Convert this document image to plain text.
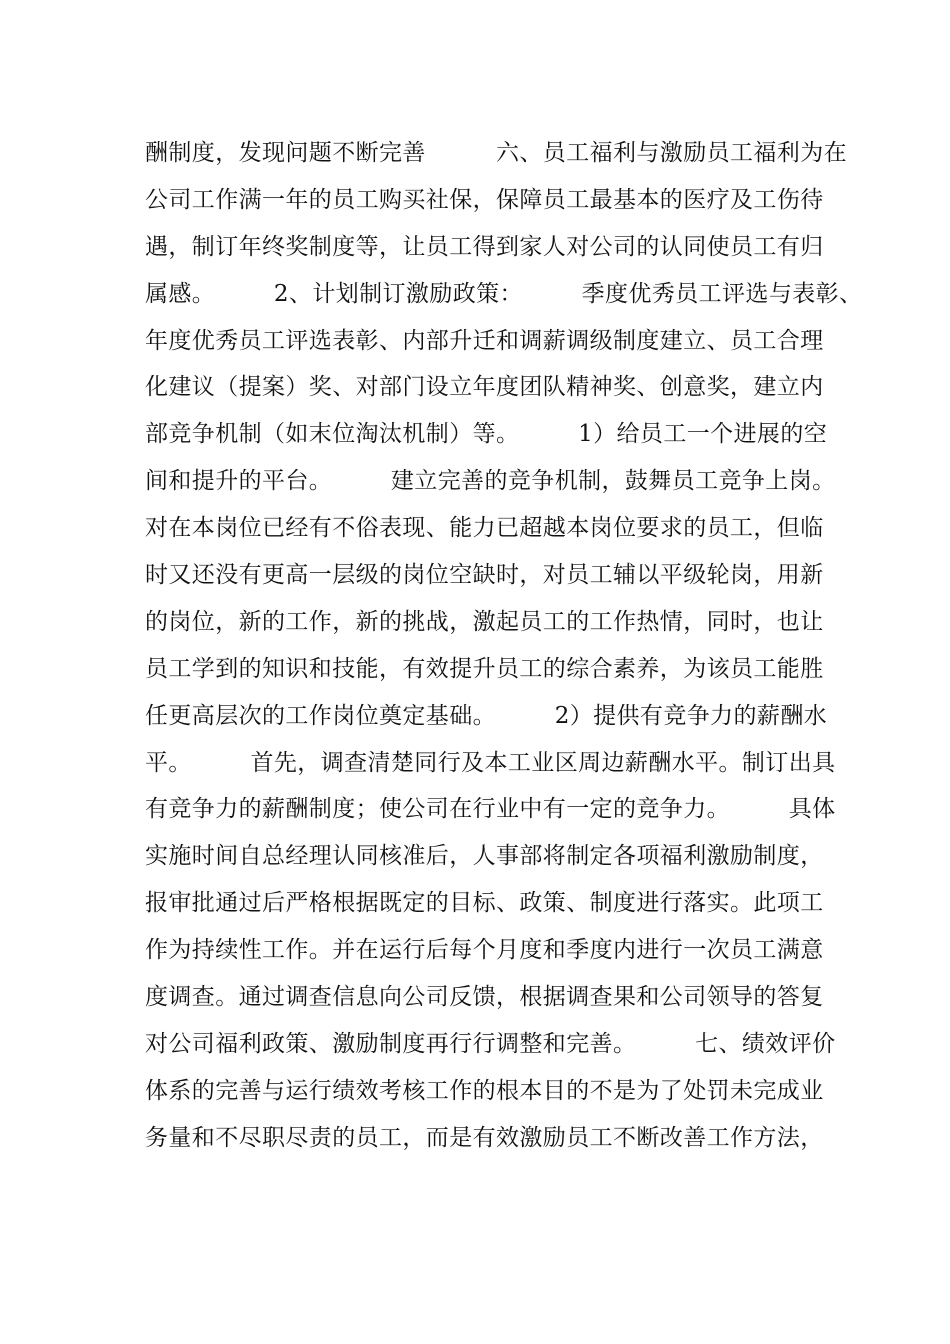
酬制度，发现问题不断完善　　　六、员工福利与激励员工福利为在
公司工作满一年的员工购买社保，保障员工最基本的医疗及工伤待
遇，制订年终奖制度等，让员工得到家人对公司的认同使员工有归
属感。　　　2、计划制订激励政策：　　　季度优秀员工评选与表彰、
年度优秀员工评选表彰、内部升迁和调薪调级制度建立、员工合理
化建议（提案）奖、对部门设立年度团队精神奖、创意奖，建立内
部竞争机制（如末位淘汰机制）等。　　　1）给员工一个进展的空
间和提升的平台。　　　建立完善的竞争机制，鼓舞员工竞争上岗。
对在本岗位已经有不俗表现、能力已超越本岗位要求的员工，但临
时又还没有更高一层级的岗位空缺时，对员工辅以平级轮岗，用新
的岗位，新的工作，新的挑战，激起员工的工作热情，同时，也让
员工学到的知识和技能，有效提升员工的综合素养，为该员工能胜
任更高层次的工作岗位奠定基础。　　　2）提供有竞争力的薪酬水
平。　　　首先，调查清楚同行及本工业区周边薪酬水平。制订出具
有竞争力的薪酬制度；使公司在行业中有一定的竞争力。　　　具体
实施时间自总经理认同核准后，人事部将制定各项福利激励制度，
报审批通过后严格根据既定的目标、政策、制度进行落实。此项工
作为持续性工作。并在运行后每个月度和季度内进行一次员工满意
度调查。通过调查信息向公司反馈，根据调查果和公司领导的答复
对公司福利政策、激励制度再行行调整和完善。　　　七、绩效评价
体系的完善与运行绩效考核工作的根本目的不是为了处罚未完成业
务量和不尽职尽责的员工，而是有效激励员工不断改善工作方法，
